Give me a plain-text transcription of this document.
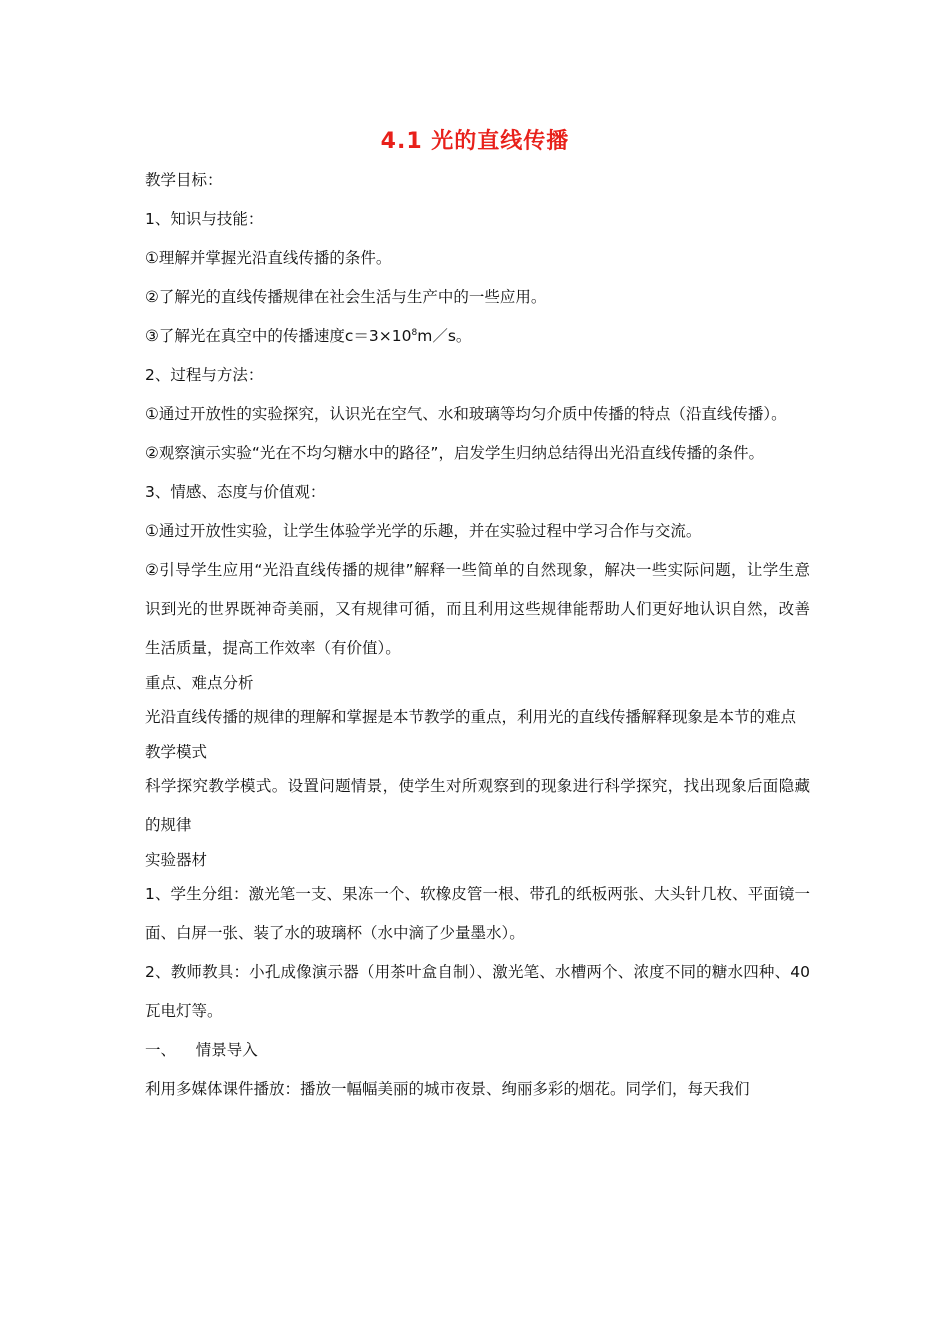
4.1 光的直线传播

教学目标：

1、知识与技能：

①理解并掌握光沿直线传播的条件。

②了解光的直线传播规律在社会生活与生产中的一些应用。

③了解光在真空中的传播速度$c=3\times 10^8m/s$。

2、过程与方法：

①通过开放性的实验探究，认识光在空气、水和玻璃等均匀介质中传播的特点（沿直线传播）。

②观察演示实验“光在不均匀糖水中的路径”，启发学生归纳总结得出光沿直线传播的条件。

3、情感、态度与价值观：

①通过开放性实验，让学生体验学光学的乐趣，并在实验过程中学习合作与交流。

②引导学生应用“光沿直线传播的规律”解释一些简单的自然现象，解决一些实际问题，让学生意识到光的世界既神奇美丽，又有规律可循，而且利用这些规律能帮助人们更好地认识自然，改善生活质量，提高工作效率（有价值）。

重点、难点分析

光沿直线传播的规律的理解和掌握是本节教学的重点，利用光的直线传播解释现象是本节的难点

教学模式

科学探究教学模式。设置问题情景，使学生对所观察到的现象进行科学探究，找出现象后面隐藏的规律

实验器材

1、学生分组：激光笔一支、果冻一个、软橡皮管一根、带孔的纸板两张、大头针几枚、平面镜一面、白屏一张、装了水的玻璃杯（水中滴了少量墨水）。

2、教师教具：小孔成像演示器（用茶叶盒自制）、激光笔、水槽两个、浓度不同的糖水四种、40瓦电灯等。

一、    情景导入

利用多媒体课件播放：播放一幅幅美丽的城市夜景、绚丽多彩的烟花。同学们，每天我们
